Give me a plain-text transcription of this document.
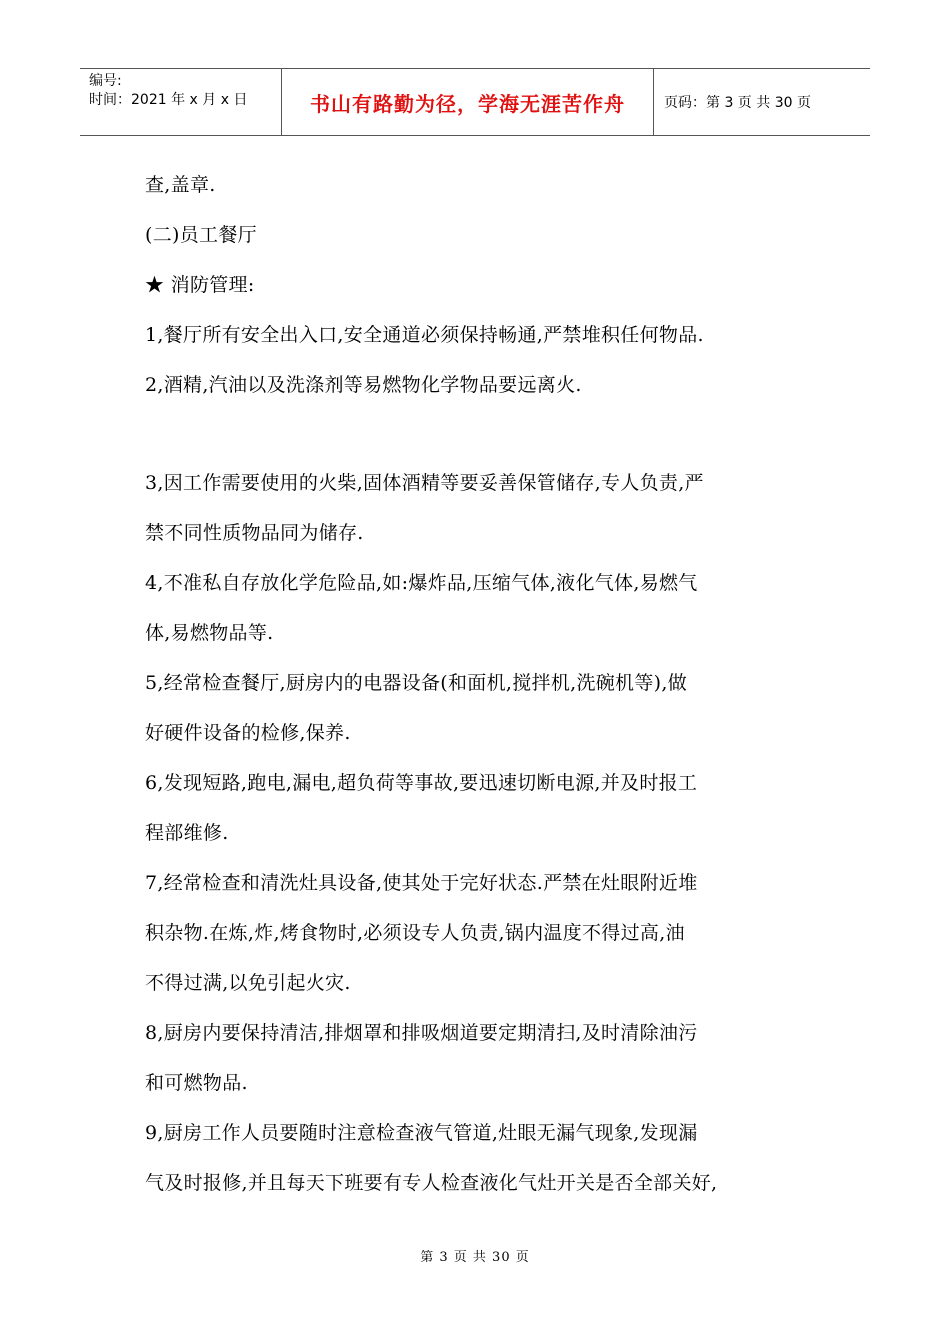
编号:
时间：2021 年 x 月 x 日	书山有路勤为径，学海无涯苦作舟	页码：第 3 页 共 30 页
查,盖章.
(二)员工餐厅
★ 消防管理:
1,餐厅所有安全出入口,安全通道必须保持畅通,严禁堆积任何物品.
2,酒精,汽油以及洗涤剂等易燃物化学物品要远离火.
3,因工作需要使用的火柴,固体酒精等要妥善保管储存,专人负责,严
禁不同性质物品同为储存.
4,不准私自存放化学危险品,如:爆炸品,压缩气体,液化气体,易燃气
体,易燃物品等.
5,经常检查餐厅,厨房内的电器设备(和面机,搅拌机,洗碗机等),做
好硬件设备的检修,保养.
6,发现短路,跑电,漏电,超负荷等事故,要迅速切断电源,并及时报工
程部维修.
7,经常检查和清洗灶具设备,使其处于完好状态.严禁在灶眼附近堆
积杂物.在炼,炸,烤食物时,必须设专人负责,锅内温度不得过高,油
不得过满,以免引起火灾.
8,厨房内要保持清洁,排烟罩和排吸烟道要定期清扫,及时清除油污
和可燃物品.
9,厨房工作人员要随时注意检查液气管道,灶眼无漏气现象,发现漏
气及时报修,并且每天下班要有专人检查液化气灶开关是否全部关好,
第 3 页 共 30 页
